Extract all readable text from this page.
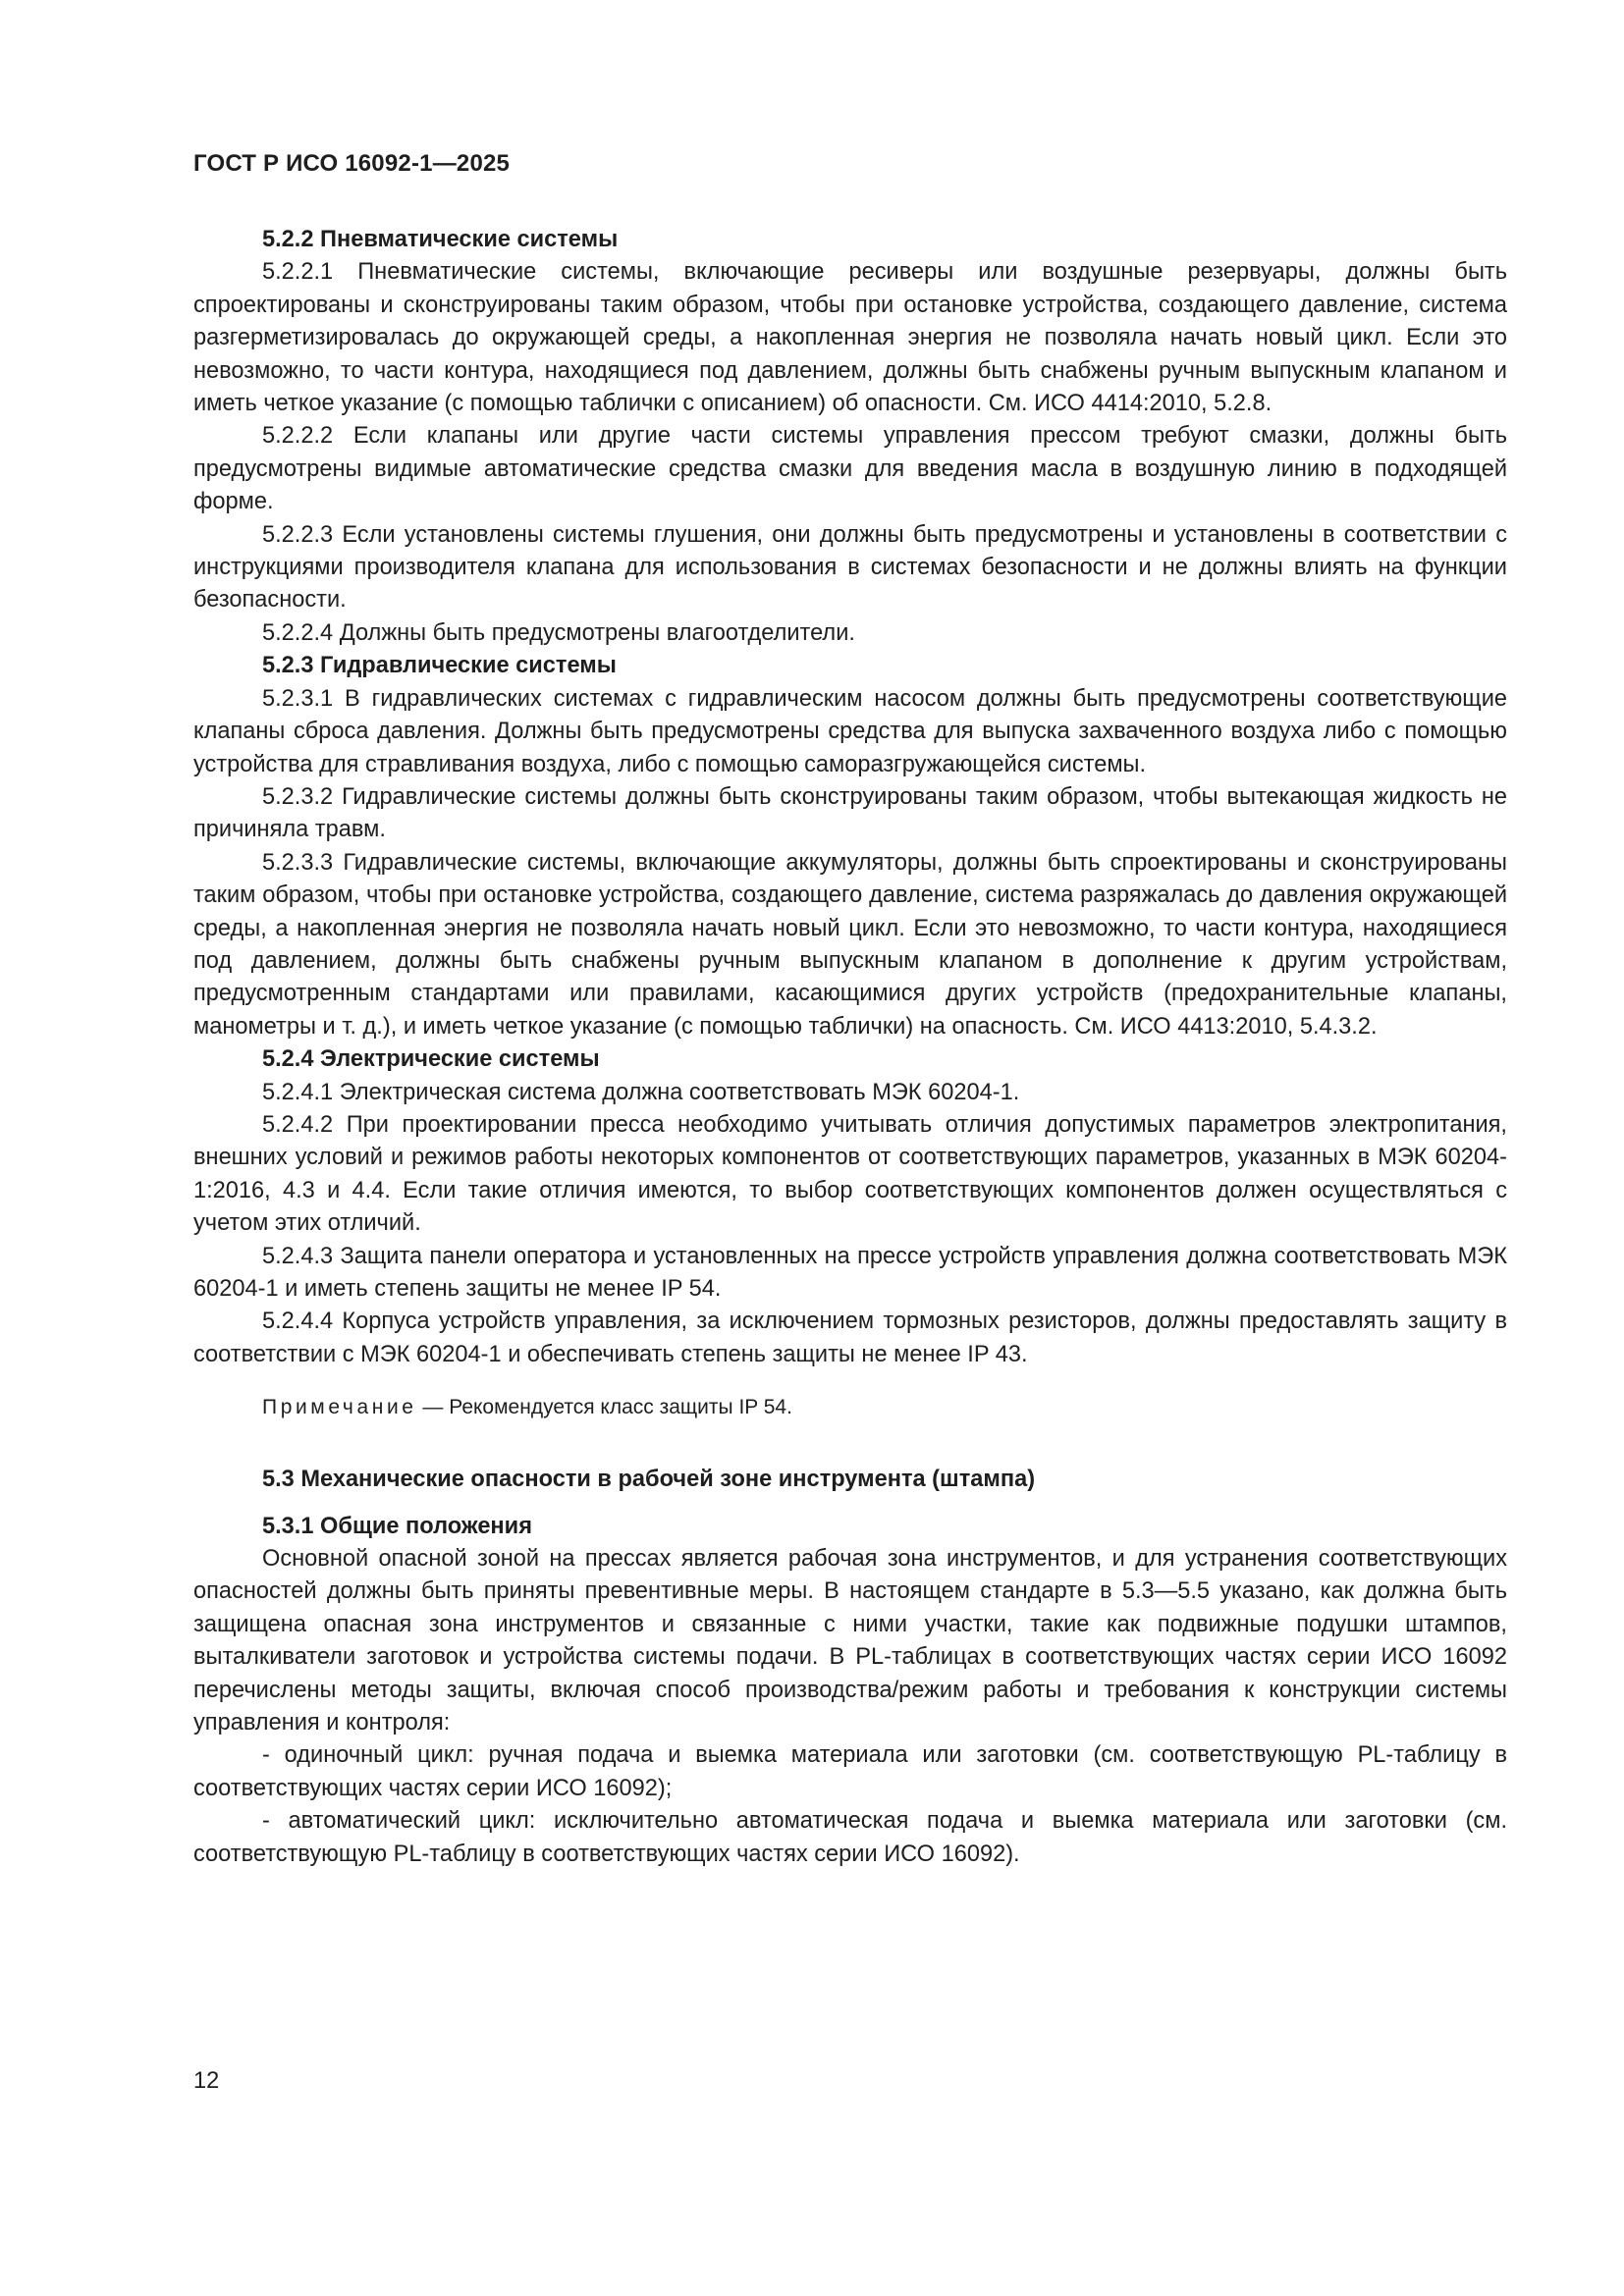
ГОСТ Р ИСО 16092-1—2025
5.2.2 Пневматические системы

5.2.2.1 Пневматические системы, включающие ресиверы или воздушные резервуары, должны быть спроектированы и сконструированы таким образом, чтобы при остановке устройства, создающего давление, система разгерметизировалась до окружающей среды, а накопленная энергия не позволяла начать новый цикл. Если это невозможно, то части контура, находящиеся под давлением, должны быть снабжены ручным выпускным клапаном и иметь четкое указание (с помощью таблички с описанием) об опасности. См. ИСО 4414:2010, 5.2.8.

5.2.2.2 Если клапаны или другие части системы управления прессом требуют смазки, должны быть предусмотрены видимые автоматические средства смазки для введения масла в воздушную линию в подходящей форме.

5.2.2.3 Если установлены системы глушения, они должны быть предусмотрены и установлены в соответствии с инструкциями производителя клапана для использования в системах безопасности и не должны влиять на функции безопасности.

5.2.2.4 Должны быть предусмотрены влагоотделители.

5.2.3 Гидравлические системы

5.2.3.1 В гидравлических системах с гидравлическим насосом должны быть предусмотрены соответствующие клапаны сброса давления. Должны быть предусмотрены средства для выпуска захваченного воздуха либо с помощью устройства для стравливания воздуха, либо с помощью саморазгружающейся системы.

5.2.3.2 Гидравлические системы должны быть сконструированы таким образом, чтобы вытекающая жидкость не причиняла травм.

5.2.3.3 Гидравлические системы, включающие аккумуляторы, должны быть спроектированы и сконструированы таким образом, чтобы при остановке устройства, создающего давление, система разряжалась до давления окружающей среды, а накопленная энергия не позволяла начать новый цикл. Если это невозможно, то части контура, находящиеся под давлением, должны быть снабжены ручным выпускным клапаном в дополнение к другим устройствам, предусмотренным стандартами или правилами, касающимися других устройств (предохранительные клапаны, манометры и т. д.), и иметь четкое указание (с помощью таблички) на опасность. См. ИСО 4413:2010, 5.4.3.2.

5.2.4 Электрические системы

5.2.4.1 Электрическая система должна соответствовать МЭК 60204-1.

5.2.4.2 При проектировании пресса необходимо учитывать отличия допустимых параметров электропитания, внешних условий и режимов работы некоторых компонентов от соответствующих параметров, указанных в МЭК 60204-1:2016, 4.3 и 4.4. Если такие отличия имеются, то выбор соответствующих компонентов должен осуществляться с учетом этих отличий.

5.2.4.3 Защита панели оператора и установленных на прессе устройств управления должна соответствовать МЭК 60204-1 и иметь степень защиты не менее IP 54.

5.2.4.4 Корпуса устройств управления, за исключением тормозных резисторов, должны предоставлять защиту в соответствии с МЭК 60204-1 и обеспечивать степень защиты не менее IP 43.

Примечание — Рекомендуется класс защиты IP 54.

5.3 Механические опасности в рабочей зоне инструмента (штампа)
5.3.1 Общие положения

Основной опасной зоной на прессах является рабочая зона инструментов, и для устранения соответствующих опасностей должны быть приняты превентивные меры. В настоящем стандарте в 5.3—5.5 указано, как должна быть защищена опасная зона инструментов и связанные с ними участки, такие как подвижные подушки штампов, выталкиватели заготовок и устройства системы подачи. В PL-таблицах в соответствующих частях серии ИСО 16092 перечислены методы защиты, включая способ производства/режим работы и требования к конструкции системы управления и контроля:

- одиночный цикл: ручная подача и выемка материала или заготовки (см. соответствующую PL-таблицу в соответствующих частях серии ИСО 16092);

- автоматический цикл: исключительно автоматическая подача и выемка материала или заготовки (см. соответствующую PL-таблицу в соответствующих частях серии ИСО 16092).

12
